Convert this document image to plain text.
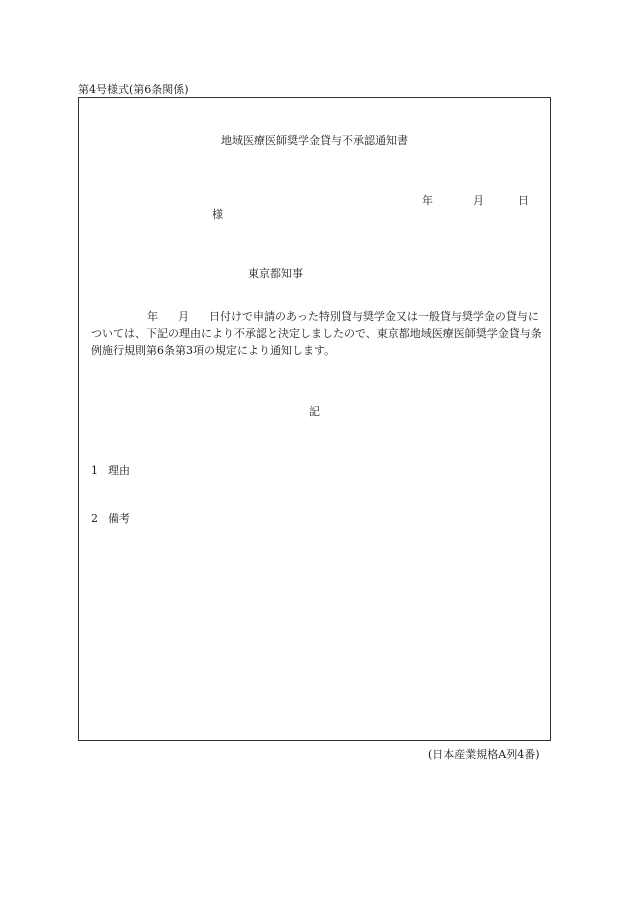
第4号様式(第6条関係)
地域医療医師奨学金貸与不承認通知書
年	月	日
様
東京都知事
年 月 日付けで申請のあった特別貸与奨学金又は一般貸与奨学金の貸与については、下記の理由により不承認と決定しましたので、東京都地域医療医師奨学金貸与条例施行規則第6条第3項の規定により通知します。
記
1 理由
2 備考
(日本産業規格A列4番)
